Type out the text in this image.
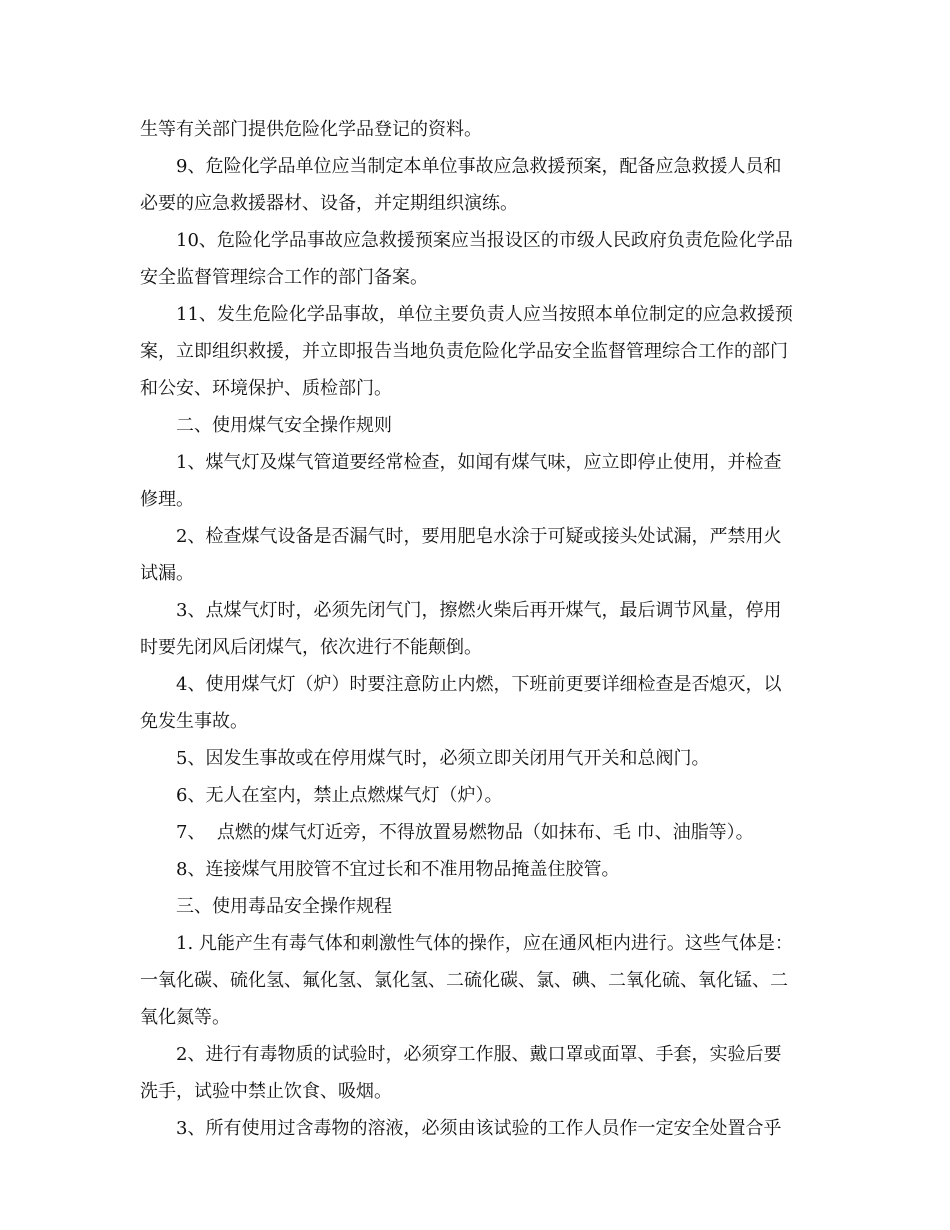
生等有关部门提供危险化学品登记的资料。
9、危险化学品单位应当制定本单位事故应急救援预案，配备应急救援人员和
必要的应急救援器材、设备，并定期组织演练。
10、危险化学品事故应急救援预案应当报设区的市级人民政府负责危险化学品
安全监督管理综合工作的部门备案。
11、发生危险化学品事故，单位主要负责人应当按照本单位制定的应急救援预
案，立即组织救援，并立即报告当地负责危险化学品安全监督管理综合工作的部门
和公安、环境保护、质检部门。
二、使用煤气安全操作规则
1、煤气灯及煤气管道要经常检查，如闻有煤气味，应立即停止使用，并检查
修理。
2、检查煤气设备是否漏气时，要用肥皂水涂于可疑或接头处试漏，严禁用火
试漏。
3、点煤气灯时，必须先闭气门，擦燃火柴后再开煤气，最后调节风量，停用
时要先闭风后闭煤气，依次进行不能颠倒。
4、使用煤气灯（炉）时要注意防止内燃，下班前更要详细检查是否熄灭，以
免发生事故。
5、因发生事故或在停用煤气时，必须立即关闭用气开关和总阀门。
6、无人在室内，禁止点燃煤气灯（炉）。
7、  点燃的煤气灯近旁，不得放置易燃物品（如抹布、毛 巾、油脂等）。
8、连接煤气用胶管不宜过长和不准用物品掩盖住胶管。
三、使用毒品安全操作规程
1. 凡能产生有毒气体和刺激性气体的操作，应在通风柜内进行。这些气体是：
一氧化碳、硫化氢、氟化氢、氯化氢、二硫化碳、氯、碘、二氧化硫、氧化锰、二
氧化氮等。
2、进行有毒物质的试验时，必须穿工作服、戴口罩或面罩、手套，实验后要
洗手，试验中禁止饮食、吸烟。
3、所有使用过含毒物的溶液，必须由该试验的工作人员作一定安全处置合乎
